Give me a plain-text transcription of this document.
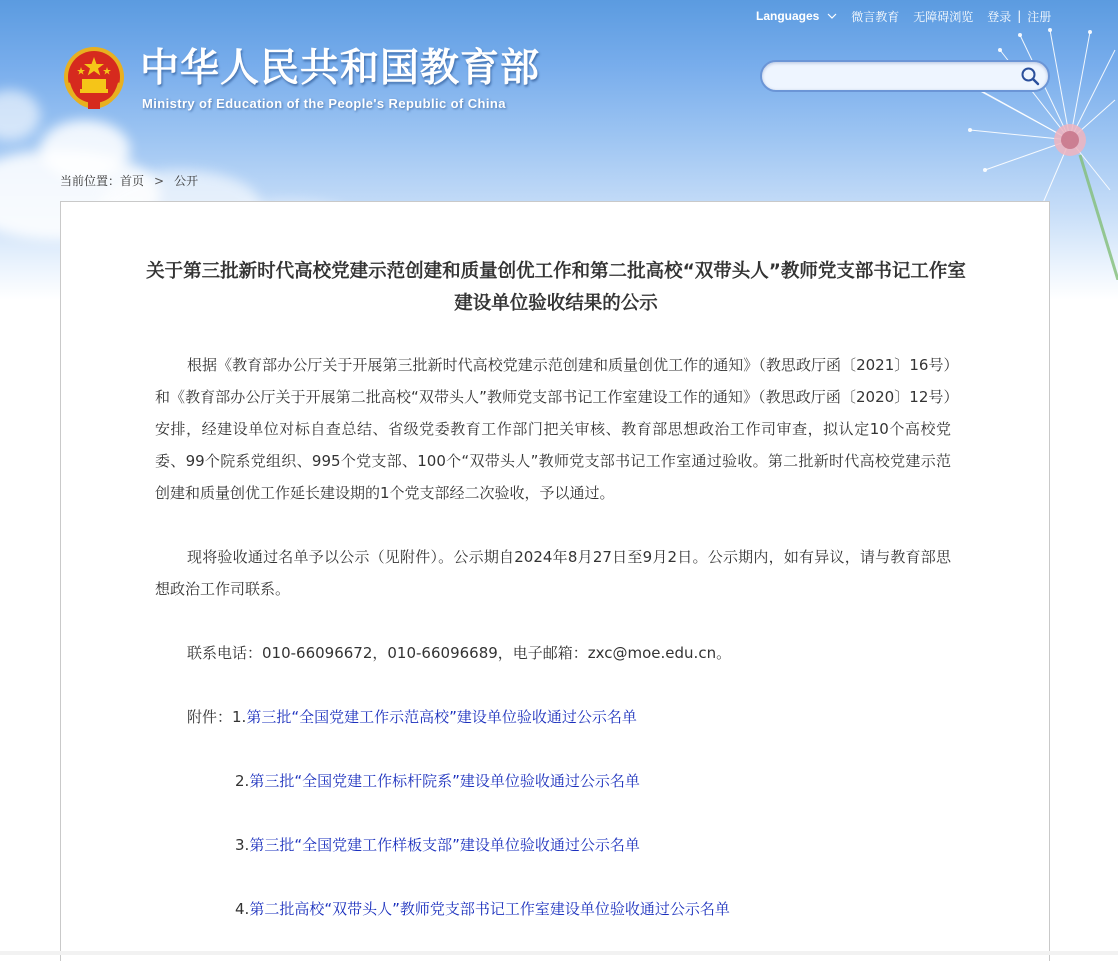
Languages	微言教育 无障碍浏览 登录 | 注册
中华人民共和国教育部
Ministry of Education of the People's Republic of China
当前位置： 首页 > 公开
关于第三批新时代高校党建示范创建和质量创优工作和第二批高校“双带头人”教师党支部书记工作室建设单位验收结果的公示

根据《教育部办公厅关于开展第三批新时代高校党建示范创建和质量创优工作的通知》（教思政厅函〔2021〕16号）和《教育部办公厅关于开展第二批高校“双带头人”教师党支部书记工作室建设工作的通知》（教思政厅函〔2020〕12号）安排，经建设单位对标自查总结、省级党委教育工作部门把关审核、教育部思想政治工作司审查，拟认定10个高校党委、99个院系党组织、995个党支部、100个“双带头人”教师党支部书记工作室通过验收。第二批新时代高校党建示范创建和质量创优工作延长建设期的1个党支部经二次验收，予以通过。

现将验收通过名单予以公示（见附件）。公示期自2024年8月27日至9月2日。公示期内，如有异议，请与教育部思想政治工作司联系。

联系电话：010-66096672，010-66096689，电子邮箱：zxc@moe.edu.cn。

附件：1.第三批“全国党建工作示范高校”建设单位验收通过公示名单
2.第三批“全国党建工作标杆院系”建设单位验收通过公示名单
3.第三批“全国党建工作样板支部”建设单位验收通过公示名单
4.第二批高校“双带头人”教师党支部书记工作室建设单位验收通过公示名单
